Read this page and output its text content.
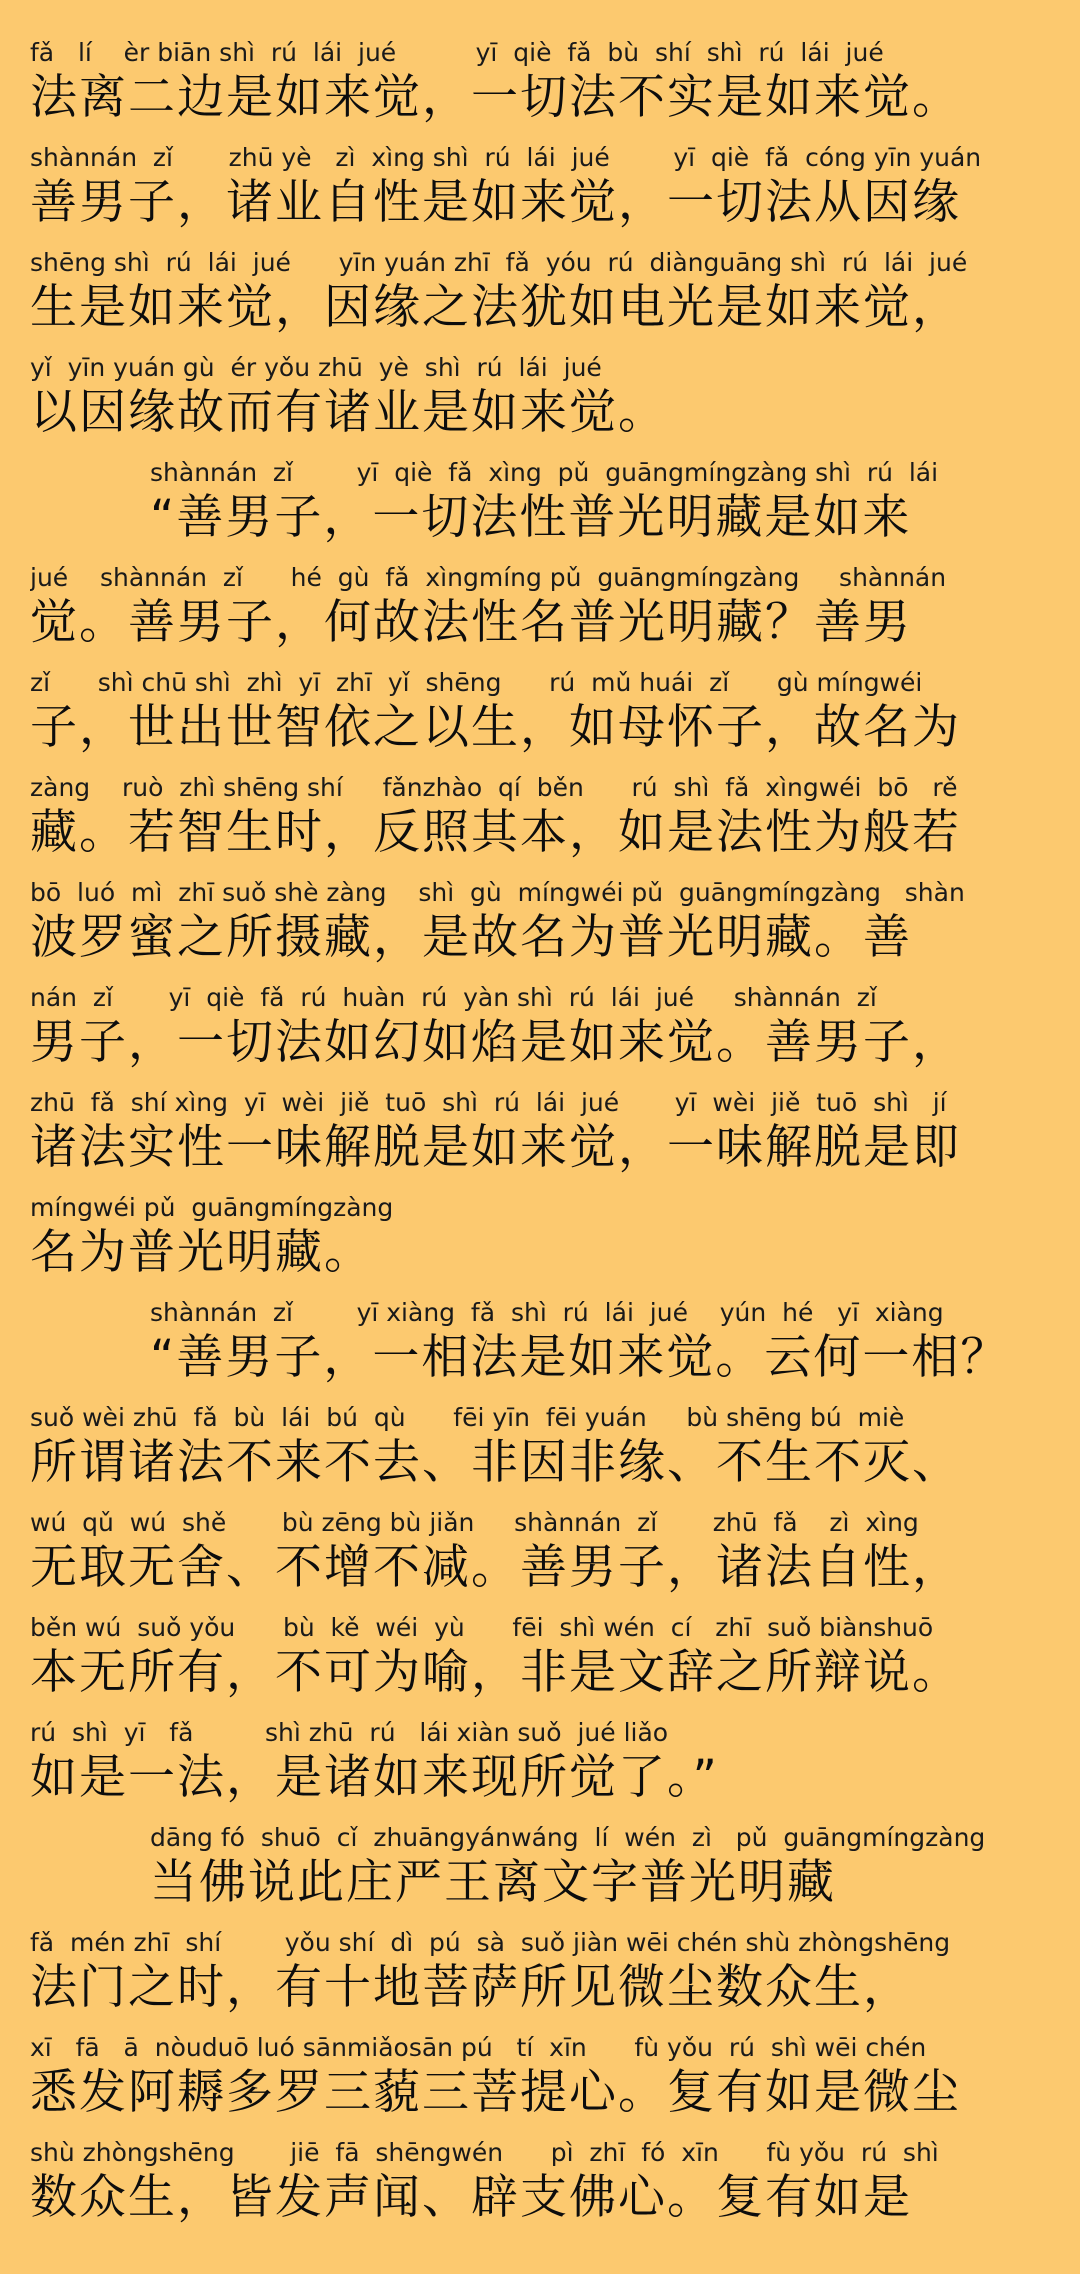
fǎ   lí    èr biān shì  rú  lái  jué          yī  qiè  fǎ  bù  shí  shì  rú  lái  jué
法离二边是如来觉，一切法不实是如来觉。
shànnán  zǐ       zhū yè   zì  xìng shì  rú  lái  jué        yī  qiè  fǎ  cóng yīn yuán
善男子，诸业自性是如来觉，一切法从因缘
shēng shì  rú  lái  jué      yīn yuán zhī  fǎ  yóu  rú  diànguāng shì  rú  lái  jué
生是如来觉，因缘之法犹如电光是如来觉，
yǐ  yīn yuán gù  ér yǒu zhū  yè  shì  rú  lái  jué
以因缘故而有诸业是如来觉。
shànnán  zǐ        yī  qiè  fǎ  xìng  pǔ  guāngmíngzàng shì  rú  lái
“善男子，一切法性普光明藏是如来
jué    shànnán  zǐ      hé  gù  fǎ  xìngmíng pǔ  guāngmíngzàng     shànnán
觉。善男子，何故法性名普光明藏？善男
zǐ      shì chū shì  zhì  yī  zhī  yǐ  shēng      rú  mǔ huái  zǐ      gù míngwéi
子，世出世智依之以生，如母怀子，故名为
zàng    ruò  zhì shēng shí     fǎnzhào  qí  běn      rú  shì  fǎ  xìngwéi  bō   rě
藏。若智生时，反照其本，如是法性为般若
bō  luó  mì  zhī suǒ shè zàng    shì  gù  míngwéi pǔ  guāngmíngzàng   shàn
波罗蜜之所摄藏，是故名为普光明藏。善
nán  zǐ       yī  qiè  fǎ  rú  huàn  rú  yàn shì  rú  lái  jué     shànnán  zǐ
男子，一切法如幻如焰是如来觉。善男子，
zhū  fǎ  shí xìng  yī  wèi  jiě  tuō  shì  rú  lái  jué       yī  wèi  jiě  tuō  shì   jí
诸法实性一味解脱是如来觉，一味解脱是即
míngwéi pǔ  guāngmíngzàng
名为普光明藏。
shànnán  zǐ        yī xiàng  fǎ  shì  rú  lái  jué    yún  hé   yī  xiàng
“善男子，一相法是如来觉。云何一相？
suǒ wèi zhū  fǎ  bù  lái  bú  qù      fēi yīn  fēi yuán     bù shēng bú  miè
所谓诸法不来不去、非因非缘、不生不灭、
wú  qǔ  wú  shě       bù zēng bù jiǎn     shànnán  zǐ       zhū  fǎ    zì  xìng
无取无舍、不增不减。善男子，诸法自性，
běn wú  suǒ yǒu      bù  kě  wéi  yù      fēi  shì wén  cí   zhī  suǒ biànshuō
本无所有，不可为喻，非是文辞之所辩说。
rú  shì  yī   fǎ         shì zhū  rú   lái xiàn suǒ  jué liǎo
如是一法，是诸如来现所觉了。”
dāng fó  shuō  cǐ  zhuāngyánwáng  lí  wén  zì   pǔ  guāngmíngzàng
当佛说此庄严王离文字普光明藏
fǎ  mén zhī  shí        yǒu shí  dì  pú  sà  suǒ jiàn wēi chén shù zhòngshēng
法门之时，有十地菩萨所见微尘数众生，
xī   fā   ā  nòuduō luó sānmiǎosān pú   tí  xīn      fù yǒu  rú  shì wēi chén
悉发阿耨多罗三藐三菩提心。复有如是微尘
shù zhòngshēng       jiē  fā  shēngwén      pì  zhī  fó  xīn      fù yǒu  rú  shì
数众生，皆发声闻、辟支佛心。复有如是
